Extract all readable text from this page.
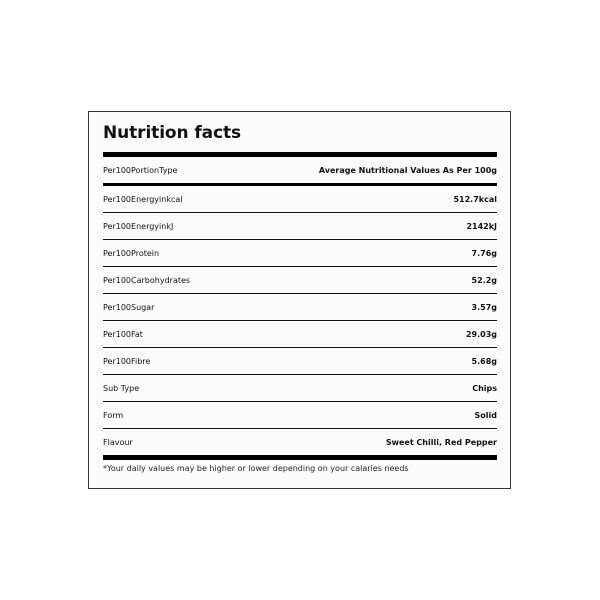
Nutrition facts
Per100PortionType	Average Nutritional Values As Per 100g
Per100Energyinkcal	512.7kcal
Per100EnergyinkJ	2142kJ
Per100Protein	7.76g
Per100Carbohydrates	52.2g
Per100Sugar	3.57g
Per100Fat	29.03g
Per100Fibre	5.68g
Sub Type	Chips
Form	Solid
Flavour	Sweet Chilli, Red Pepper
*Your daily values may be higher or lower depending on your calaries needs
